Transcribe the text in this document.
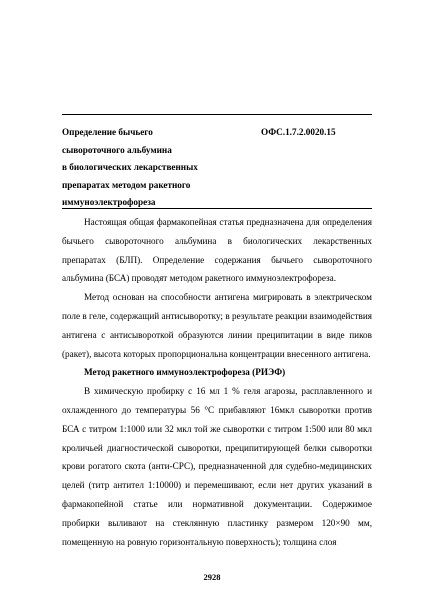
Определение бычьего
сывороточного альбумина
в биологических лекарственных
препаратах методом ракетного
иммуноэлектрофореза
ОФС.1.7.2.0020.15

Настоящая общая фармакопейная статья предназначена для определения бычьего сывороточного альбумина в биологических лекарственных препаратах (БЛП). Определение содержания бычьего сывороточного альбумина (БСА) проводят методом ракетного иммуноэлектрофореза.

Метод основан на способности антигена мигрировать в электрическом поле в геле, содержащий антисыворотку; в результате реакции взаимодействия антигена с антисывороткой образуются линии преципитации в виде пиков (ракет), высота которых пропорциональна концентрации внесенного антигена.

Метод ракетного иммуноэлектрофореза (РИЭФ)

В химическую пробирку с 16 мл 1 % геля агарозы, расплавленного и охлажденного до температуры 56 °С прибавляют 16мкл сыворотки против БСА с титром 1:1000 или 32 мкл той же сыворотки с титром 1:500 или 80 мкл кроличьей диагностической сыворотки, преципитирующей белки сыворотки крови рогатого скота (анти-СРС), предназначенной для судебно-медицинских целей (титр антител 1:10000) и перемешивают, если нет других указаний в фармакопейной статье или нормативной документации. Содержимое пробирки выливают на стеклянную пластинку размером 120×90 мм, помещенную на ровную горизонтальную поверхность); толщина слоя

2928
